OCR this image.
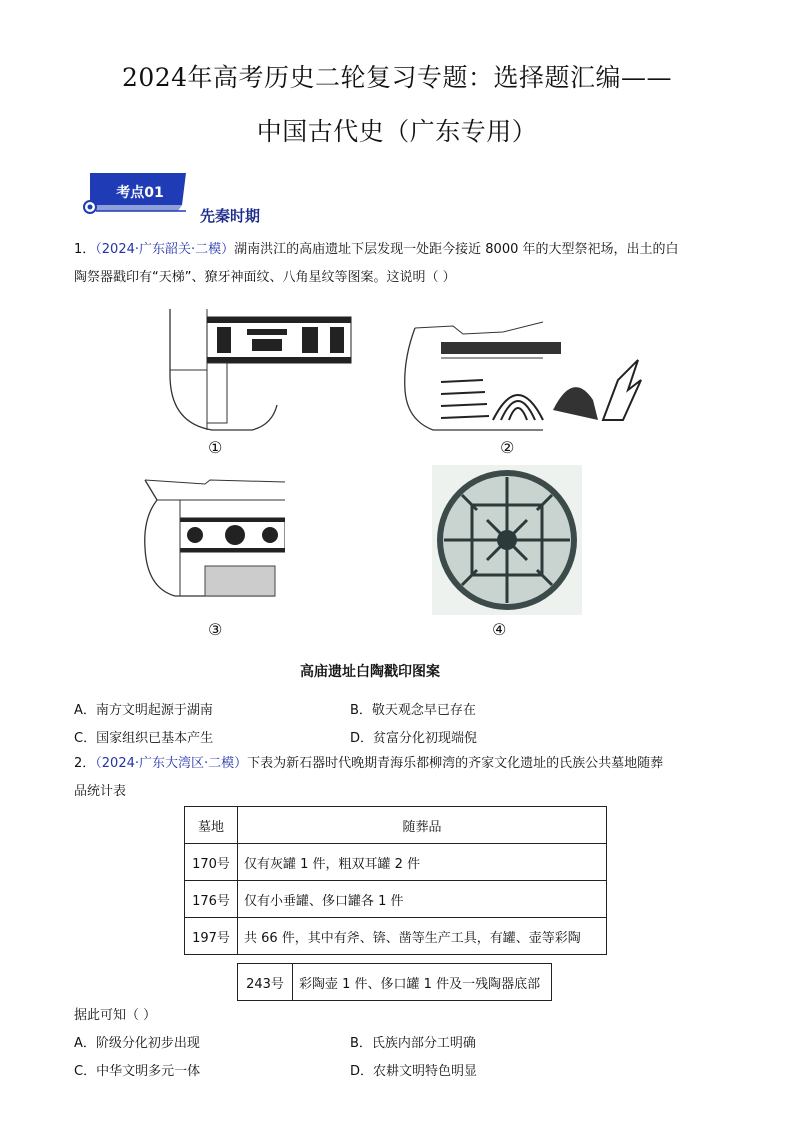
2024年高考历史二轮复习专题：选择题汇编——
中国古代史（广东专用）
考点01
先秦时期
1．（2024·广东韶关·二模）湖南洪江的高庙遗址下层发现一处距今接近 8000 年的大型祭祀场，出土的白
陶祭器戳印有“天梯”、獠牙神面纹、八角星纹等图案。这说明（ ）
①	②
③	④
高庙遗址白陶戳印图案
A．南方文明起源于湖南	B．敬天观念早已存在
C．国家组织已基本产生	D．贫富分化初现端倪
2．（2024·广东大湾区·二模）下表为新石器时代晚期青海乐都柳湾的齐家文化遗址的氏族公共墓地随葬
品统计表
墓地	随葬品
170号	仅有灰罐 1 件，粗双耳罐 2 件
176号	仅有小垂罐、侈口罐各 1 件
197号	共 66 件，其中有斧、锛、凿等生产工具，有罐、壶等彩陶
243号	彩陶壶 1 件、侈口罐 1 件及一残陶器底部
据此可知（ ）
A．阶级分化初步出现	B．氏族内部分工明确
C．中华文明多元一体	D．农耕文明特色明显
